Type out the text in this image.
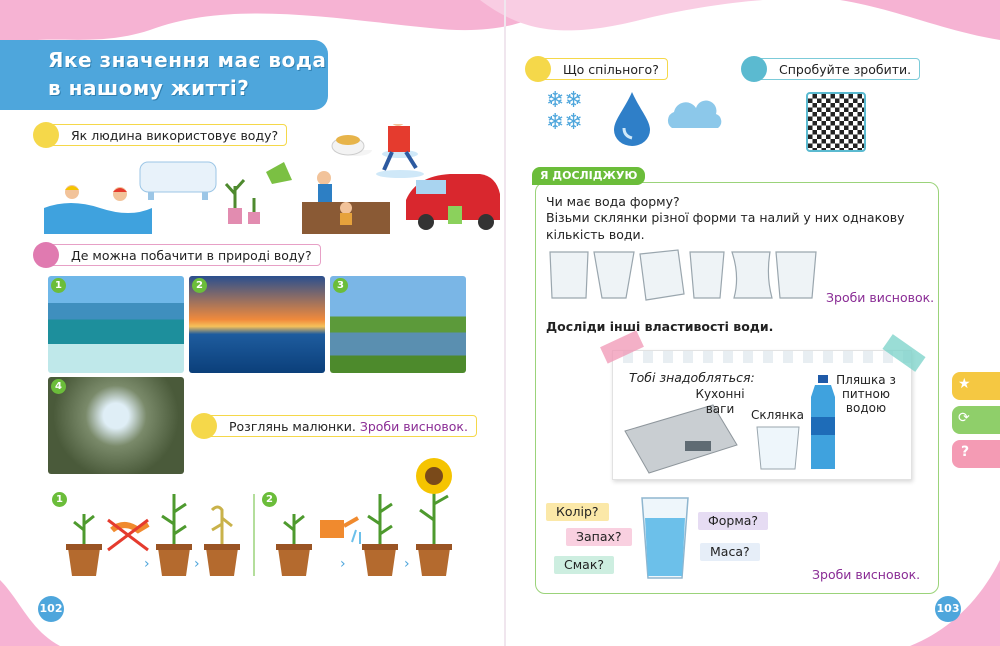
Яке значення має вода
в нашому житті?
Як людина використовує воду?
Де можна побачити в природі воду?
1	2	3
4
Розглянь малюнки. Зроби висновок.
1	2
›	›	›	›
102
Що спільного?	Спробуйте зробити.
❄❄
❄❄
Я ДОСЛІДЖУЮ
Чи має вода форму?
Візьми склянки різної форми та налий у них однакову кількість води.
Зроби висновок.
Досліди інші властивості води.
Тобі знадобляться:
Кухонні ваги	Склянка
Пляшка з питною водою
Колір?
Запах?
Смак?
Форма?
Маса?
Зроби висновок.
★
⟳
?
103
